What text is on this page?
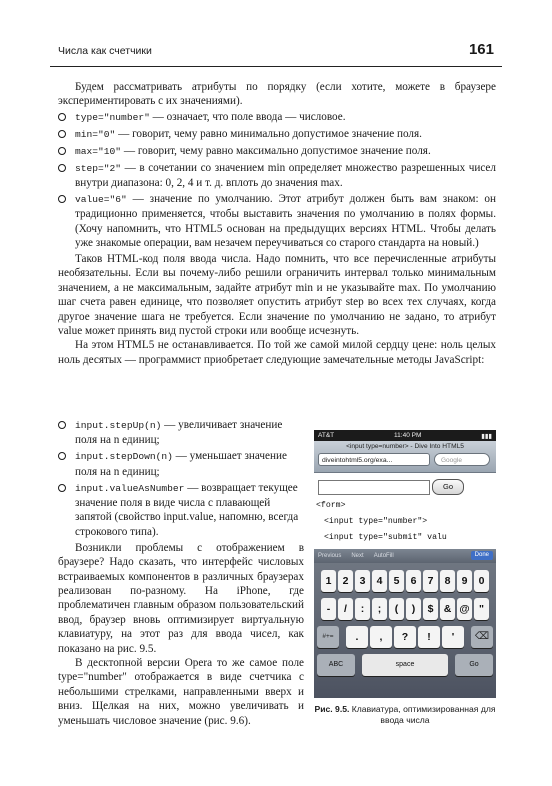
Числа как счетчики	161

Будем рассматривать атрибуты по порядку (если хотите, можете в браузере экспериментировать с их значениями).

type="number" — означает, что поле ввода — числовое.
min="0" — говорит, чему равно минимально допустимое значение поля.
max="10" — говорит, чему равно максимально допустимое значение поля.
step="2" — в сочетании со значением min определяет множество разрешенных чисел внутри диапазона: 0, 2, 4 и т. д. вплоть до значения max.
value="6" — значение по умолчанию. Этот атрибут должен быть вам знаком: он традиционно применяется, чтобы выставить значения по умолчанию в полях формы. (Хочу напомнить, что HTML5 основан на предыдущих версиях HTML. Чтобы делать уже знакомые операции, вам незачем переучиваться со старого стандарта на новый.)

Таков HTML-код поля ввода числа. Надо помнить, что все перечисленные атрибуты необязательны. Если вы почему-либо решили ограничить интервал только минимальным значением, а не максимальным, задайте атрибут min и не указывайте max. По умолчанию шаг счета равен единице, что позволяет опустить атрибут step во всех тех случаях, когда другое значение шага не требуется. Если значение по умолчанию не задано, то атрибут value может принять вид пустой строки или вообще исчезнуть.

На этом HTML5 не останавливается. По той же самой милой сердцу цене: ноль целых ноль десятых — программист приобретает следующие замечательные методы JavaScript:

input.stepUp(n) — увеличивает значение поля на n единиц;
input.stepDown(n) — уменьшает значение поля на n единиц;
input.valueAsNumber — возвращает текущее значение поля в виде числа с плавающей запятой (свойство input.value, напомню, всегда строкового типа).

Возникли проблемы с отображением в браузере? Надо сказать, что интерфейс числовых встраиваемых компонентов в различных браузерах реализован по-разному. На iPhone, где проблематичен главным образом пользовательский ввод, браузер вновь оптимизирует виртуальную клавиатуру, на этот раз для ввода чисел, как показано на рис. 9.5.

В десктопной версии Opera то же самое поле type="number" отображается в виде счетчика с небольшими стрелками, направленными вверх и вниз. Щелкая на них, можно увеличивать и уменьшать числовое значение (рис. 9.6).

AT&T	11:40 PM	▮▮▮
<input type=number> - Dive Into HTML5
diveintohtml5.org/exa...	Google
Go
<form>
<input type="number">
<input type="submit" valu
Previous Next AutoFill	Done
1	2	3	4	5	6	7	8	9	0
-	/	:	;	(	)	$ & @ "
#+=	.	,	?	!	'	⌫
ABC	space	Go
Рис. 9.5. Клавиатура, оптимизированная для ввода числа
